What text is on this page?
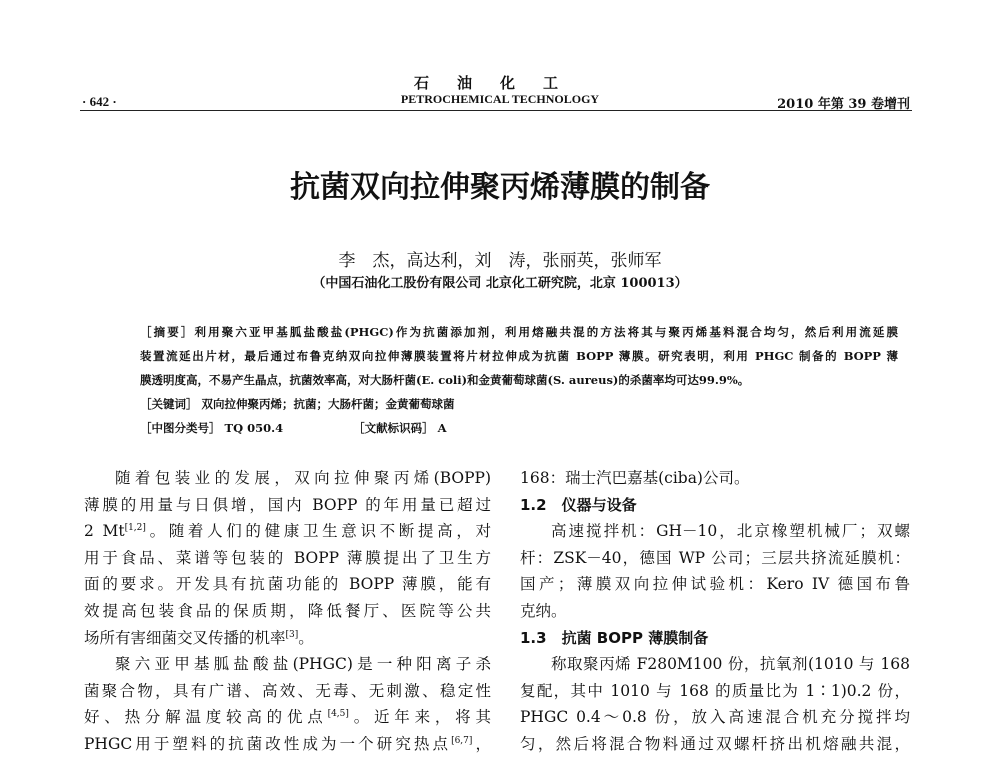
石油化工
PETROCHEMICAL TECHNOLOGY
· 642 ·	2010 年第 39 卷增刊
抗菌双向拉伸聚丙烯薄膜的制备
李　杰，高达利，刘　涛，张丽英，张师军
（中国石油化工股份有限公司 北京化工研究院，北京 100013）
［摘要］利用聚六亚甲基胍盐酸盐(PHGC)作为抗菌添加剂，利用熔融共混的方法将其与聚丙烯基料混合均匀，然后利用流延膜
装置流延出片材，最后通过布鲁克纳双向拉伸薄膜装置将片材拉伸成为抗菌 BOPP 薄膜。研究表明，利用 PHGC 制备的 BOPP 薄
膜透明度高，不易产生晶点，抗菌效率高，对大肠杆菌(E. coli)和金黄葡萄球菌(S. aureus)的杀菌率均可达99.9%。
［关键词］ 双向拉伸聚丙烯；抗菌；大肠杆菌；金黄葡萄球菌
［中图分类号］ TQ 050.4	［文献标识码］ A
随着包装业的发展，双向拉伸聚丙烯(BOPP)
薄膜的用量与日俱增，国内 BOPP 的年用量已超过
2 Mt[1,2]。随着人们的健康卫生意识不断提高，对
用于食品、菜谱等包装的 BOPP 薄膜提出了卫生方
面的要求。开发具有抗菌功能的 BOPP 薄膜，能有
效提高包装食品的保质期，降低餐厅、医院等公共
场所有害细菌交叉传播的机率[3]。
聚六亚甲基胍盐酸盐(PHGC)是一种阳离子杀
菌聚合物，具有广谱、高效、无毒、无刺激、稳定性
好、热分解温度较高的优点[4,5]。近年来，将其
PHGC用于塑料的抗菌改性成为一个研究热点[6,7]，
168：瑞士汽巴嘉基(ciba)公司。
1.2　仪器与设备
高速搅拌机：GH－10，北京橡塑机械厂；双螺
杆：ZSK－40，德国 WP 公司；三层共挤流延膜机：
国产；薄膜双向拉伸试验机：Kero IV 德国布鲁
克纳。
1.3　抗菌 BOPP 薄膜制备
称取聚丙烯 F280M100 份，抗氧剂(1010 与 168
复配，其中 1010 与 168 的质量比为 1∶1)0.2 份，
PHGC 0.4～0.8 份，放入高速混合机充分搅拌均
匀，然后将混合物料通过双螺杆挤出机熔融共混，
